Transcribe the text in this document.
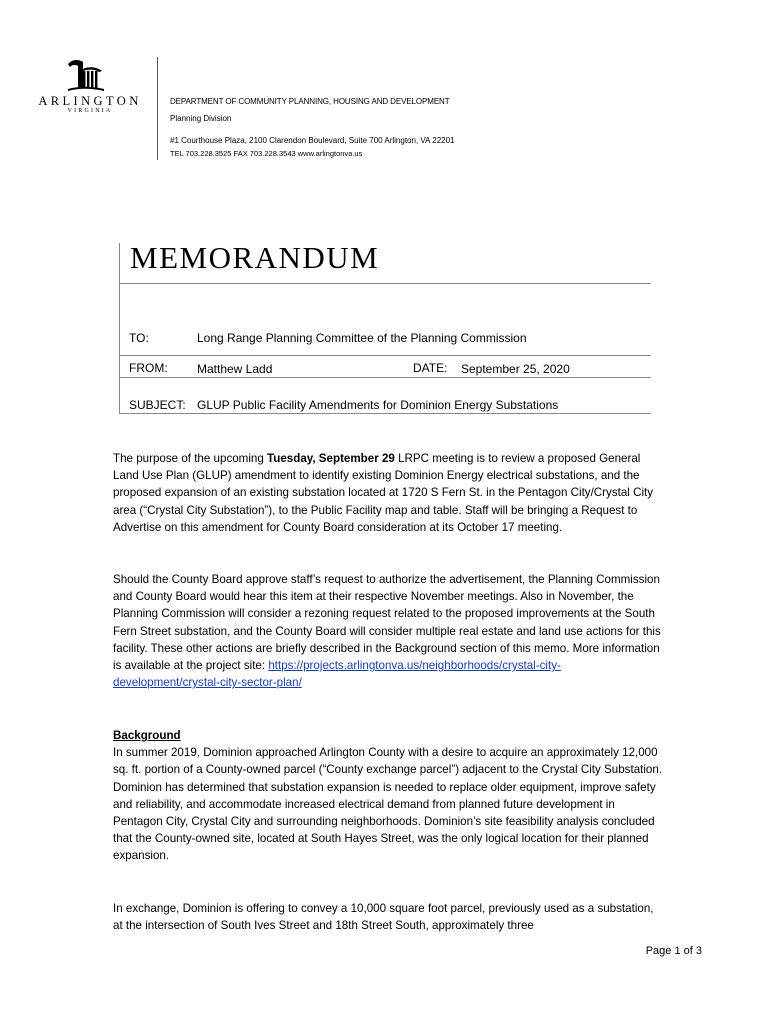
ARLINGTON
VIRGINIA
DEPARTMENT OF COMMUNITY PLANNING, HOUSING AND DEVELOPMENT
Planning Division
#1 Courthouse Plaza, 2100 Clarendon Boulevard, Suite 700 Arlington, VA 22201
TEL 703.228.3525 FAX 703.228.3543 www.arlingtonva.us
MEMORANDUM
TO:	Long Range Planning Committee of the Planning Commission
FROM: Matthew Ladd	DATE: September 25, 2020
SUBJECT: GLUP Public Facility Amendments for Dominion Energy Substations

The purpose of the upcoming Tuesday, September 29 LRPC meeting is to review a proposed General Land Use Plan (GLUP) amendment to identify existing Dominion Energy electrical substations, and the proposed expansion of an existing substation located at 1720 S Fern St. in the Pentagon City/Crystal City area (“Crystal City Substation”), to the Public Facility map and table. Staff will be bringing a Request to Advertise on this amendment for County Board consideration at its October 17 meeting.

Should the County Board approve staff’s request to authorize the advertisement, the Planning Commission and County Board would hear this item at their respective November meetings. Also in November, the Planning Commission will consider a rezoning request related to the proposed improvements at the South Fern Street substation, and the County Board will consider multiple real estate and land use actions for this facility. These other actions are briefly described in the Background section of this memo. More information is available at the project site: https://projects.arlingtonva.us/neighborhoods/crystal-city-development/crystal-city-sector-plan/

Background

In summer 2019, Dominion approached Arlington County with a desire to acquire an approximately 12,000 sq. ft. portion of a County-owned parcel (“County exchange parcel”) adjacent to the Crystal City Substation. Dominion has determined that substation expansion is needed to replace older equipment, improve safety and reliability, and accommodate increased electrical demand from planned future development in Pentagon City, Crystal City and surrounding neighborhoods. Dominion’s site feasibility analysis concluded that the County-owned site, located at South Hayes Street, was the only logical location for their planned expansion.

In exchange, Dominion is offering to convey a 10,000 square foot parcel, previously used as a substation, at the intersection of South Ives Street and 18th Street South, approximately three

Page 1 of 3
